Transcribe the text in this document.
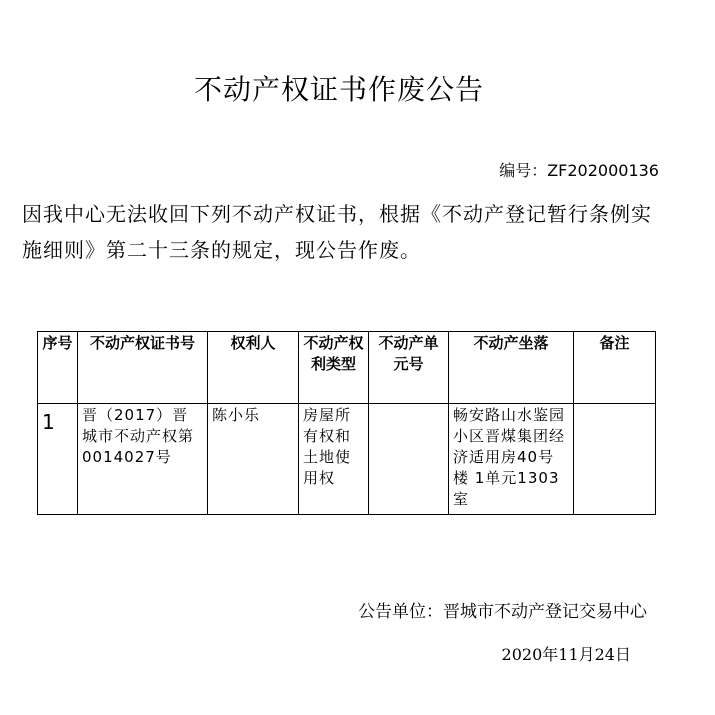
不动产权证书作废公告
编号：ZF202000136
因我中心无法收回下列不动产权证书，根据《不动产登记暂行条例实施细则》第二十三条的规定，现公告作废。
序号	不动产权证书号	权利人	不动产权利类型	不动产单元号	不动产坐落	备注
1	晋（2017）晋城市不动产权第0014027号	陈小乐	房屋所有权和土地使用权		畅安路山水鉴园小区晋煤集团经济适用房40号楼 1单元1303室	
公告单位：晋城市不动产登记交易中心
2020年11月24日
